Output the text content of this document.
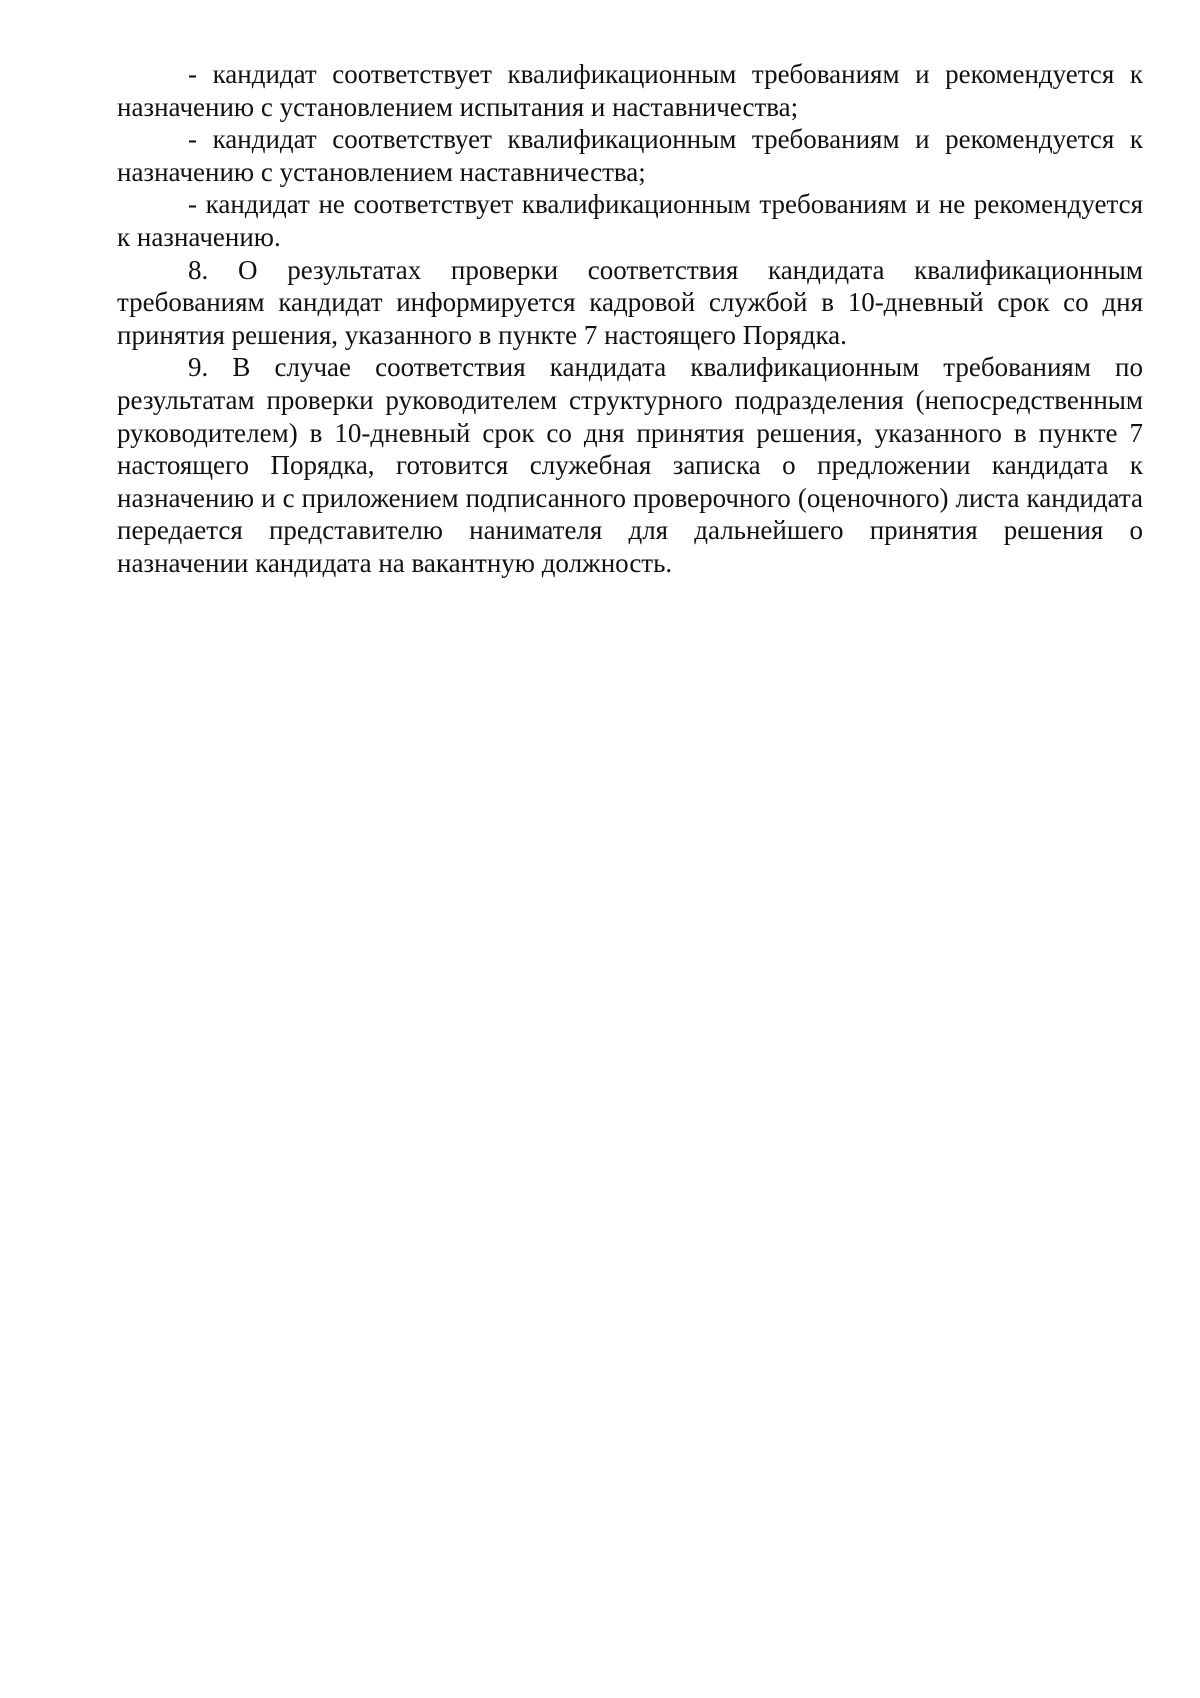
- кандидат соответствует квалификационным требованиям и рекомендуется к назначению с установлением испытания и наставничества;

- кандидат соответствует квалификационным требованиям и рекомендуется к назначению с установлением наставничества;

- кандидат не соответствует квалификационным требованиям и не рекомендуется к назначению.

8. О результатах проверки соответствия кандидата квалификационным требованиям кандидат информируется кадровой службой в 10-дневный срок со дня принятия решения, указанного в пункте 7 настоящего Порядка.

9. В случае соответствия кандидата квалификационным требованиям по результатам проверки руководителем структурного подразделения (непосредственным руководителем) в 10-дневный срок со дня принятия решения, указанного в пункте 7 настоящего Порядка, готовится служебная записка о предложении кандидата к назначению и с приложением подписанного проверочного (оценочного) листа кандидата передается представителю нанимателя для дальнейшего принятия решения о назначении кандидата на вакантную должность.
